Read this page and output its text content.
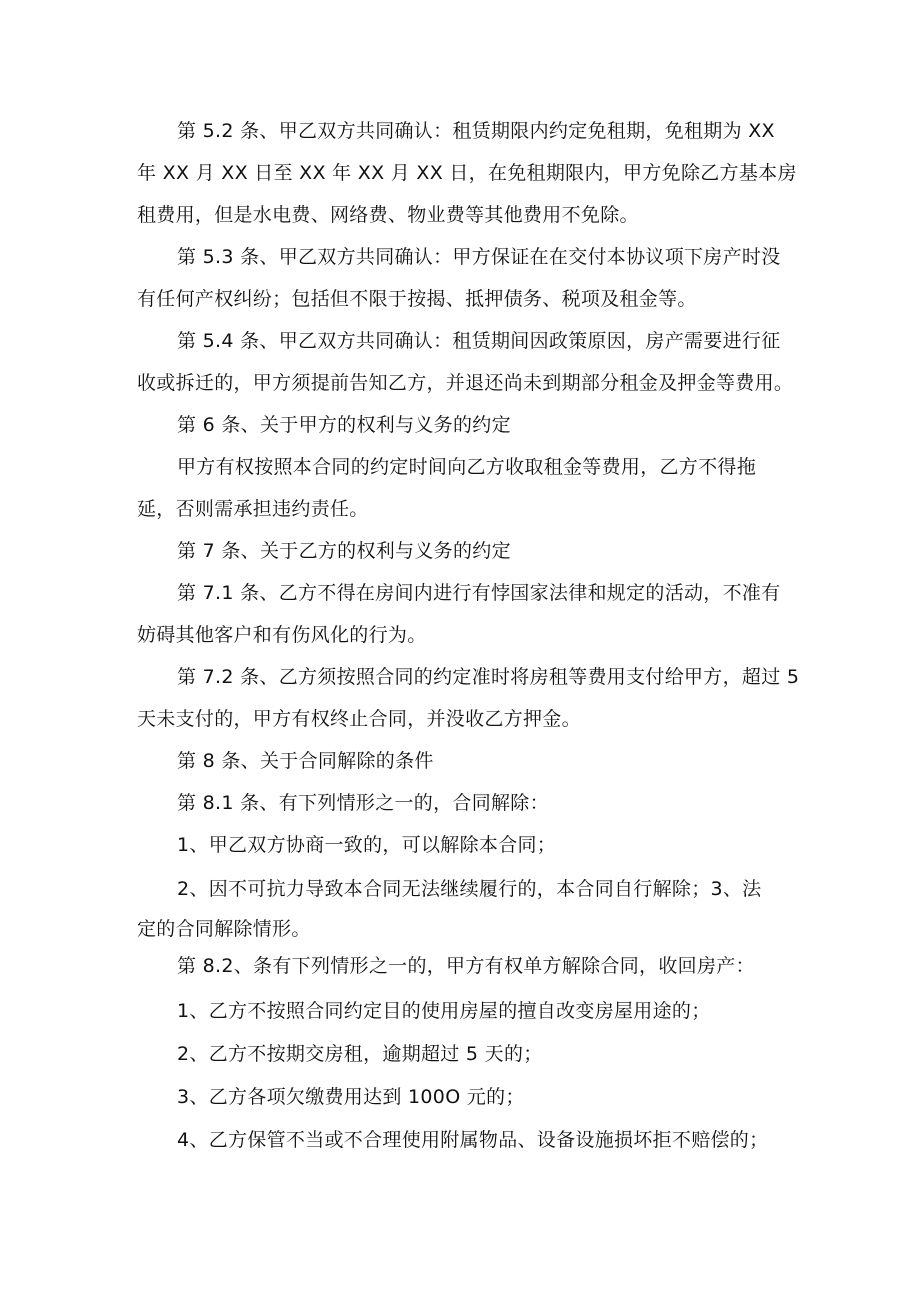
第 5.2 条、甲乙双方共同确认：租赁期限内约定免租期，免租期为 XX
年 XX 月 XX 日至 XX 年 XX 月 XX 日，在免租期限内，甲方免除乙方基本房
租费用，但是水电费、网络费、物业费等其他费用不免除。

第 5.3 条、甲乙双方共同确认：甲方保证在在交付本协议项下房产时没
有任何产权纠纷；包括但不限于按揭、抵押债务、税项及租金等。

第 5.4 条、甲乙双方共同确认：租赁期间因政策原因，房产需要进行征
收或拆迁的，甲方须提前告知乙方，并退还尚未到期部分租金及押金等费用。

第 6 条、关于甲方的权利与义务的约定

甲方有权按照本合同的约定时间向乙方收取租金等费用，乙方不得拖
延，否则需承担违约责任。

第 7 条、关于乙方的权利与义务的约定

第 7.1 条、乙方不得在房间内进行有悖国家法律和规定的活动，不准有
妨碍其他客户和有伤风化的行为。

第 7.2 条、乙方须按照合同的约定准时将房租等费用支付给甲方，超过 5
天未支付的，甲方有权终止合同，并没收乙方押金。

第 8 条、关于合同解除的条件

第 8.1 条、有下列情形之一的，合同解除：

1、甲乙双方协商一致的，可以解除本合同；

2、因不可抗力导致本合同无法继续履行的，本合同自行解除；3、法
定的合同解除情形。

第 8.2、条有下列情形之一的，甲方有权单方解除合同，收回房产：

1、乙方不按照合同约定目的使用房屋的擅自改变房屋用途的；

2、乙方不按期交房租，逾期超过 5 天的；

3、乙方各项欠缴费用达到 100O 元的；

4、乙方保管不当或不合理使用附属物品、设备设施损坏拒不赔偿的；
